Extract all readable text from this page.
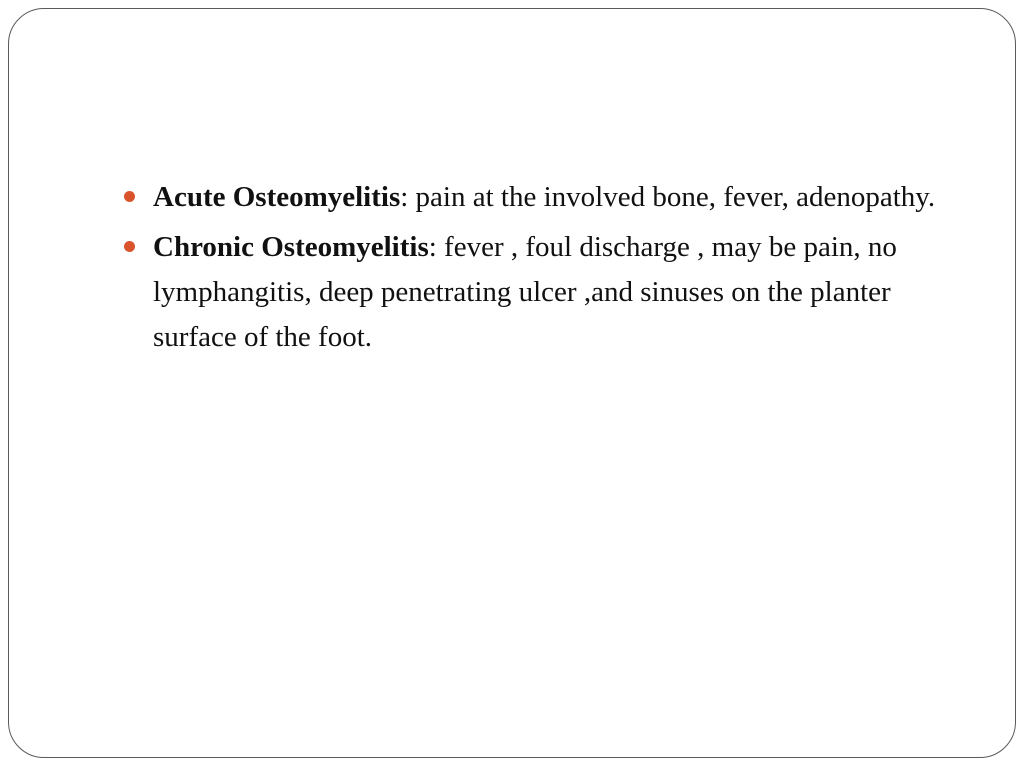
Acute Osteomyelitis: pain at the involved bone, fever, adenopathy.
Chronic Osteomyelitis: fever , foul discharge , may be pain, no lymphangitis, deep penetrating ulcer ,and sinuses on the planter surface of the foot.
